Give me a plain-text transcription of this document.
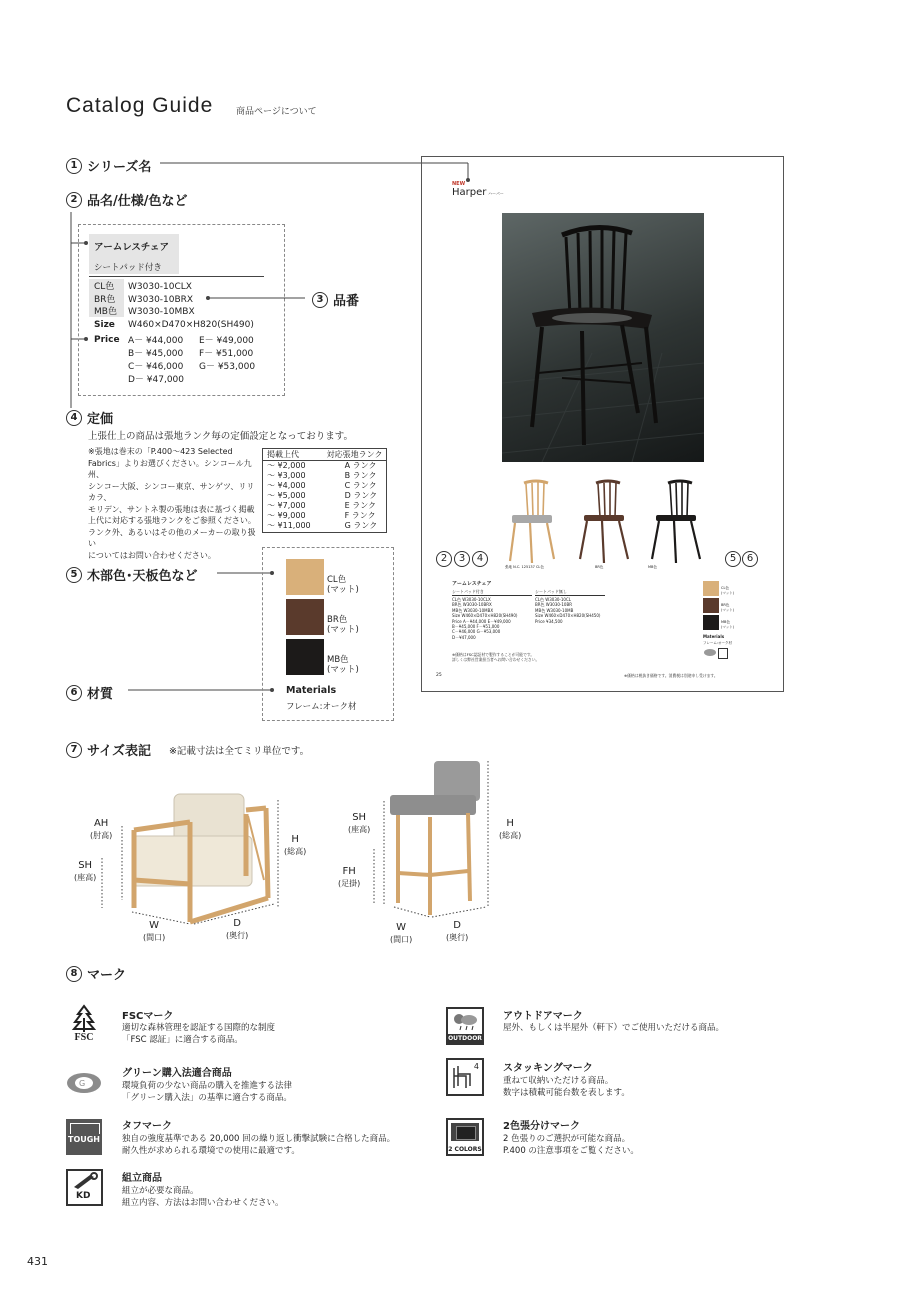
Catalog Guide	商品ページについて
1 シリーズ名
2 品名/仕様/色など
アームレスチェア
シートパッド付き
CL色	W3030-10CLX
BR色	W3030-10BRX
MB色	W3030-10MBX
Size	W460×D470×H820(SH490)
Price A－ ¥44,000
B－ ¥45,000
C－ ¥46,000
D－ ¥47,000
E－ ¥49,000
F－ ¥51,000
G－ ¥53,000
3 品番
4 定価
上張仕上の商品は張地ランク毎の定価設定となっております。
※張地は巻末の「P.400～423 Selected
Fabrics」よりお選びください。シンコール九州、
シンコー大阪、シンコー東京、サンゲツ、リリカラ、
モリデン、サントネ製の張地は表に基づく掲載
上代に対応する張地ランクをご参照ください。
ランク外、あるいはその他のメーカーの取り扱い
についてはお問い合わせください。
掲載上代	対応張地ランク
～ ¥2,000	A ランク
～ ¥3,000	B ランク
～ ¥4,000	C ランク
～ ¥5,000	D ランク
～ ¥7,000	E ランク
～ ¥9,000	F ランク
～ ¥11,000	G ランク
5 木部色･天板色など
6 材質
CL色
(マット)
BR色
(マット)
MB色
(マット)
Materials
フレーム:オーク材
NEW
Harper ハーパー
張地 N.C. 125137 CL色	BR色	MB色
2	3	4	5	6
アームレスチェア
シートパッド付き
CL色 W3030-10CLX
BR色 W3030-10BRX
MB色 W3030-10MBX
Size W460×D470×H820(SH490)
Price A－¥44,000 E－¥49,000
B－¥45,000 F－¥51,000
C－¥46,000 G－¥53,000
D－¥47,000
シートパッド無し
CL色 W3030-10CL
BR色 W3030-10BR
MB色 W3030-10MB
Size W460×D470×H820(SH450)
Price ¥34,500
※価格はFSC認証材で製作することが可能です。
詳しくは弊社営業担当者へお問い合わせください。
25	※価格は税抜き価格です。消費税は別途申し受けます。
CL色
(マット)
BR色
(マット)
MB色
(マット)
Materials
フレーム:オーク材
7 サイズ表記 ※記載寸法は全てミリ単位です。
AH
(肘高)
SH
(座高)
H
(総高)
W
(間口)
D
(奥行)
SH
(座高)
FH
(足掛)
H
(総高)
W
(間口)
D
(奥行)
8 マーク
FSC
FSCマーク
適切な森林管理を認証する国際的な制度
「FSC 認証」に適合する商品。
G
グリーン購入法適合商品
環境負荷の少ない商品の購入を推進する法律
「グリーン購入法」の基準に適合する商品。
TOUGH
タフマーク
独自の強度基準である 20,000 回の繰り返し衝撃試験に合格した商品。
耐久性が求められる環境での使用に最適です。
KD
組立商品
組立が必要な商品。
組立内容、方法はお問い合わせください。
OUTDOOR
アウトドアマーク
屋外、もしくは半屋外（軒下）でご使用いただける商品。
4 スタッキングマーク
重ねて収納いただける商品。
数字は積載可能台数を表します。
2 COLORS
2色張分けマーク
2 色張りのご選択が可能な商品。
P.400 の注意事項をご覧ください。
431
